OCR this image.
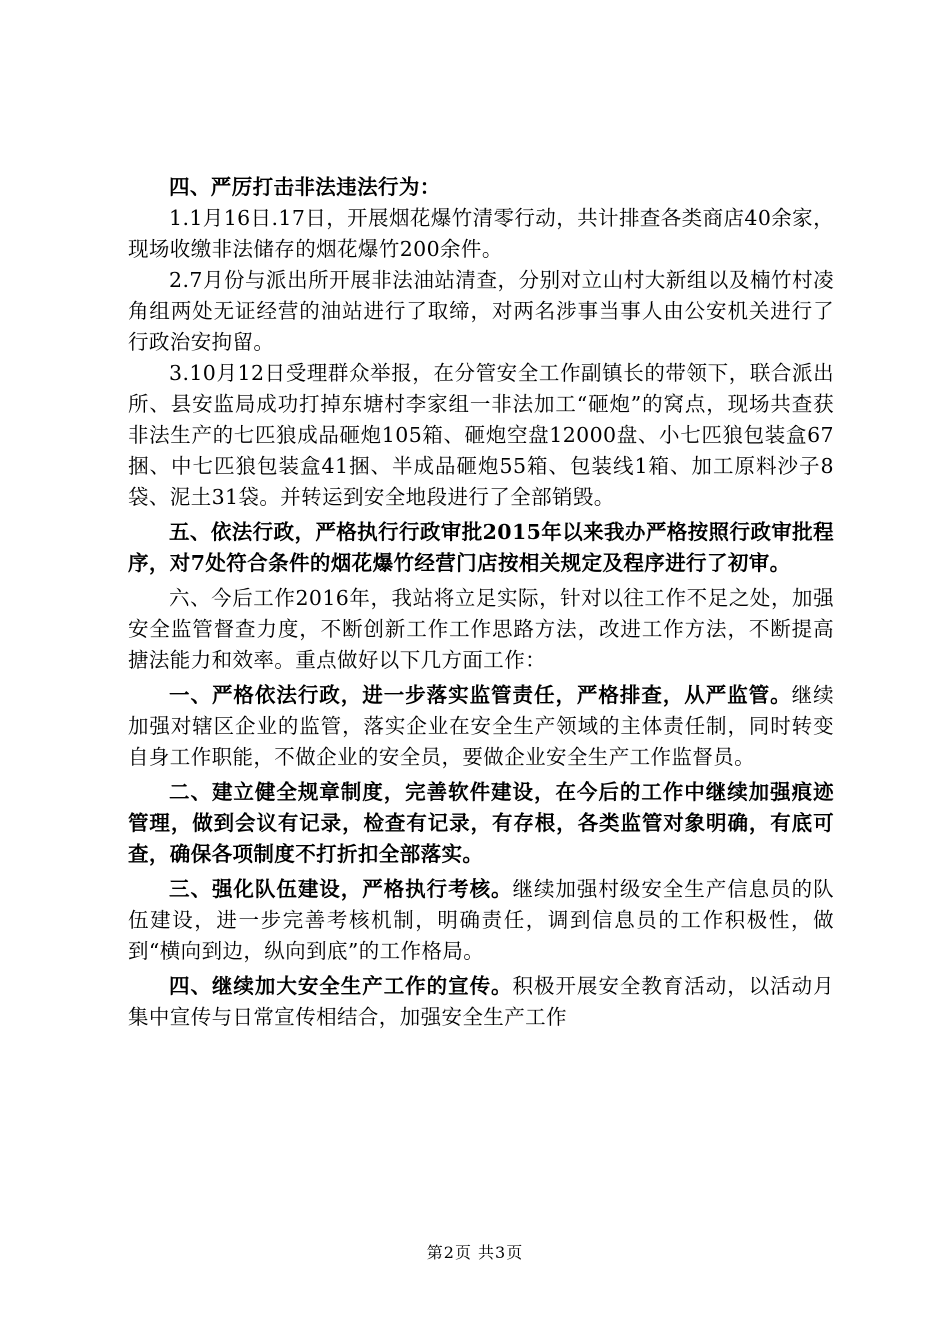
四、严厉打击非法违法行为：

1.1月16日.17日，开展烟花爆竹清零行动，共计排查各类商店40余家，现场收缴非法储存的烟花爆竹200余件。

2.7月份与派出所开展非法油站清查，分别对立山村大新组以及楠竹村凌角组两处无证经营的油站进行了取缔，对两名涉事当事人由公安机关进行了行政治安拘留。

3.10月12日受理群众举报，在分管安全工作副镇长的带领下，联合派出所、县安监局成功打掉东塘村李家组一非法加工“砸炮”的窝点，现场共查获非法生产的七匹狼成品砸炮105箱、砸炮空盘12000盘、小七匹狼包装盒67捆、中七匹狼包装盒41捆、半成品砸炮55箱、包装线1箱、加工原料沙子8袋、泥土31袋。并转运到安全地段进行了全部销毁。

五、依法行政，严格执行行政审批2015年以来我办严格按照行政审批程序，对7处符合条件的烟花爆竹经营门店按相关规定及程序进行了初审。

六、今后工作2016年，我站将立足实际，针对以往工作不足之处，加强安全监管督查力度，不断创新工作工作思路方法，改进工作方法，不断提高搪法能力和效率。重点做好以下几方面工作：

一、严格依法行政，进一步落实监管责任，严格排查，从严监管。继续加强对辖区企业的监管，落实企业在安全生产领域的主体责任制，同时转变自身工作职能，不做企业的安全员，要做企业安全生产工作监督员。

二、建立健全规章制度，完善软件建设，在今后的工作中继续加强痕迹管理，做到会议有记录，检查有记录，有存根，各类监管对象明确，有底可查，确保各项制度不打折扣全部落实。

三、强化队伍建设，严格执行考核。继续加强村级安全生产信息员的队伍建设，进一步完善考核机制，明确责任，调到信息员的工作积极性，做到“横向到边，纵向到底”的工作格局。

四、继续加大安全生产工作的宣传。积极开展安全教育活动，以活动月集中宣传与日常宣传相结合，加强安全生产工作

第2页 共3页
